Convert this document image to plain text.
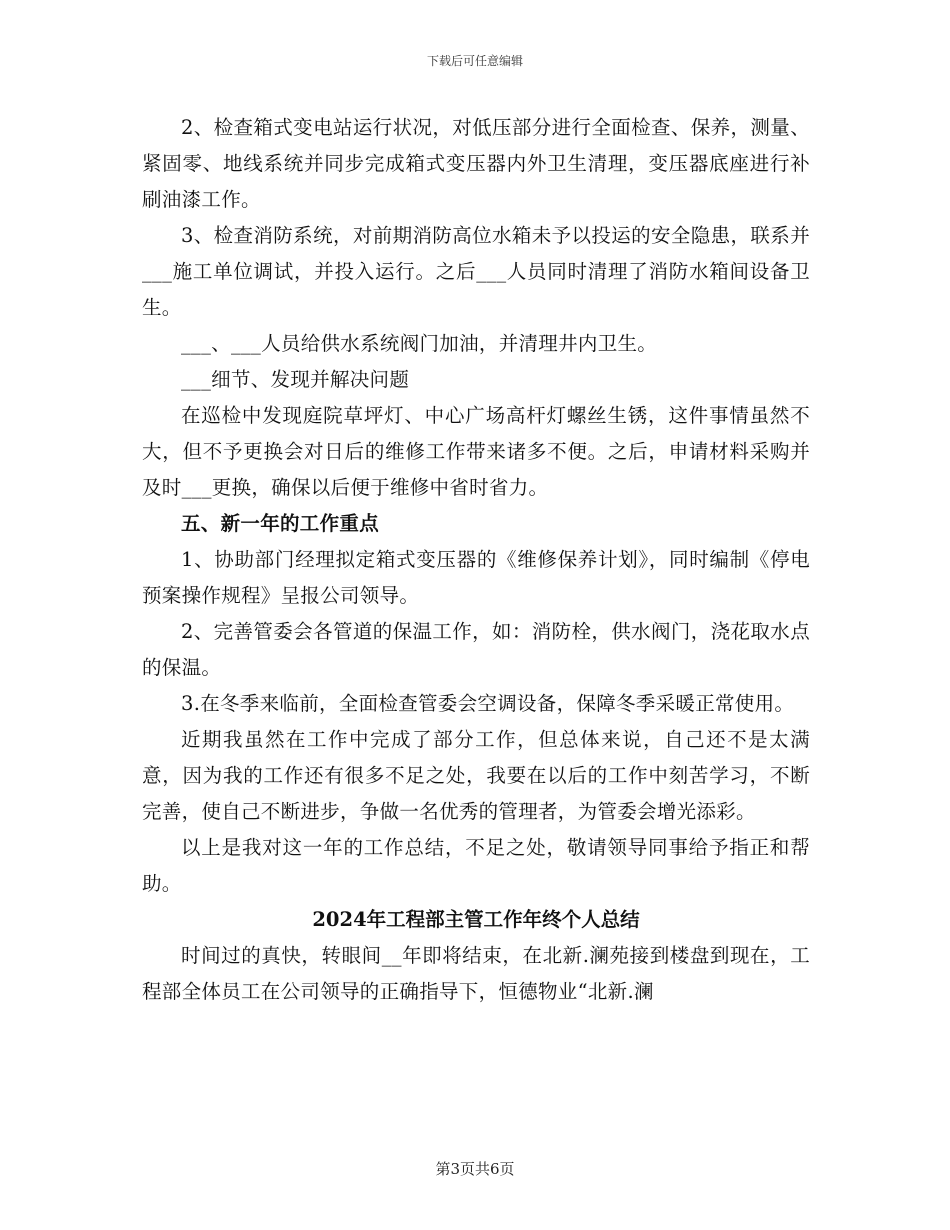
下载后可任意编辑

2、检查箱式变电站运行状况，对低压部分进行全面检查、保养，测量、紧固零、地线系统并同步完成箱式变压器内外卫生清理，变压器底座进行补刷油漆工作。

3、检查消防系统，对前期消防高位水箱未予以投运的安全隐患，联系并___施工单位调试，并投入运行。之后___人员同时清理了消防水箱间设备卫生。

___、___人员给供水系统阀门加油，并清理井内卫生。

___细节、发现并解决问题

在巡检中发现庭院草坪灯、中心广场高杆灯螺丝生锈，这件事情虽然不大，但不予更换会对日后的维修工作带来诸多不便。之后，申请材料采购并及时___更换，确保以后便于维修中省时省力。

五、新一年的工作重点

1、协助部门经理拟定箱式变压器的《维修保养计划》，同时编制《停电预案操作规程》呈报公司领导。

2、完善管委会各管道的保温工作，如：消防栓，供水阀门，浇花取水点的保温。

3.在冬季来临前，全面检查管委会空调设备，保障冬季采暖正常使用。

近期我虽然在工作中完成了部分工作，但总体来说，自己还不是太满意，因为我的工作还有很多不足之处，我要在以后的工作中刻苦学习，不断完善，使自己不断进步，争做一名优秀的管理者，为管委会增光添彩。

以上是我对这一年的工作总结，不足之处，敬请领导同事给予指正和帮助。

2024年工程部主管工作年终个人总结

时间过的真快，转眼间__年即将结束，在北新.澜苑接到楼盘到现在，工程部全体员工在公司领导的正确指导下，恒德物业“北新.澜

第3页共6页
